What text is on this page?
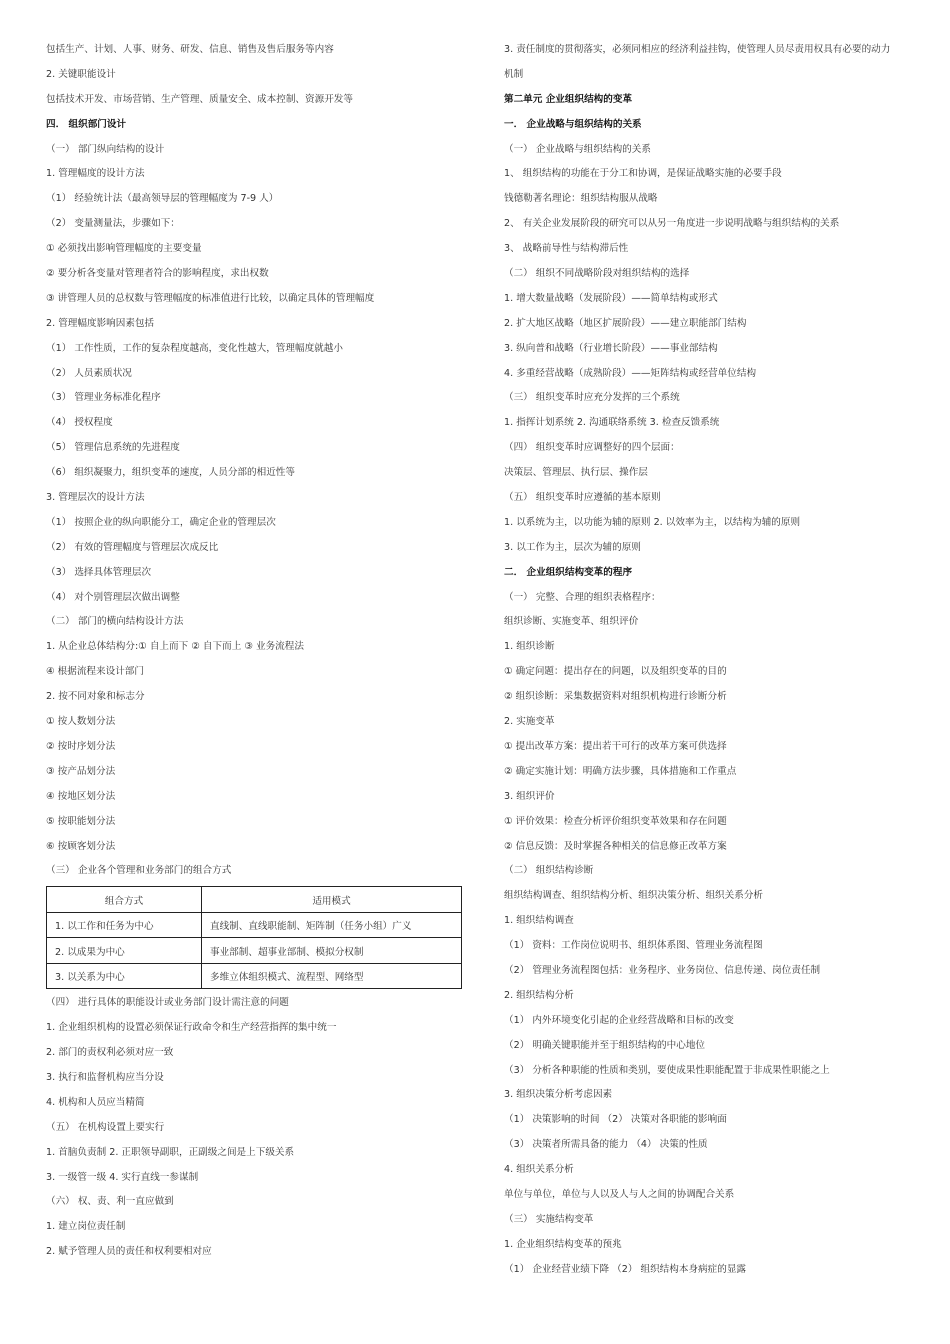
包括生产、计划、人事、财务、研发、信息、销售及售后服务等内容
2. 关键职能设计
包括技术开发、市场营销、生产管理、质量安全、成本控制、资源开发等
四． 组织部门设计
（一） 部门纵向结构的设计
1. 管理幅度的设计方法
（1） 经验统计法（最高领导层的管理幅度为 7-9 人）
（2） 变量测量法，步骤如下：
① 必须找出影响管理幅度的主要变量
② 要分析各变量对管理者符合的影响程度，求出权数
③ 讲管理人员的总权数与管理幅度的标准值进行比较，以确定具体的管理幅度
2. 管理幅度影响因素包括
（1） 工作性质，工作的复杂程度越高，变化性越大，管理幅度就越小
（2） 人员素质状况
（3） 管理业务标准化程序
（4） 授权程度
（5） 管理信息系统的先进程度
（6） 组织凝聚力，组织变革的速度，人员分部的相近性等
3. 管理层次的设计方法
（1） 按照企业的纵向职能分工，确定企业的管理层次
（2） 有效的管理幅度与管理层次成反比
（3） 选择具体管理层次
（4） 对个别管理层次做出调整
（二） 部门的横向结构设计方法
1. 从企业总体结构分:① 自上而下 ② 自下而上 ③ 业务流程法
④ 根据流程来设计部门
2. 按不同对象和标志分
① 按人数划分法
② 按时序划分法
③ 按产品划分法
④ 按地区划分法
⑤ 按职能划分法
⑥ 按顾客划分法
（三） 企业各个管理和业务部门的组合方式
组合方式	适用模式
1. 以工作和任务为中心	直线制、直线职能制、矩阵制（任务小组）广义
2. 以成果为中心	事业部制、超事业部制、模拟分权制
3. 以关系为中心	多维立体组织模式、流程型、网络型
（四） 进行具体的职能设计或业务部门设计需注意的问题
1. 企业组织机构的设置必须保证行政命令和生产经营指挥的集中统一
2. 部门的责权利必须对应一致
3. 执行和监督机构应当分设
4. 机构和人员应当精简
（五） 在机构设置上要实行
1. 首脑负责制 2. 正职领导副职，正副级之间是上下级关系
3. 一级管一级 4. 实行直线一参谋制
（六） 权、责、利一直应做到
1. 建立岗位责任制
2. 赋予管理人员的责任和权利要相对应
3. 责任制度的贯彻落实，必须同相应的经济利益挂钩，使管理人员尽责用权具有必要的动力
机制
第二单元 企业组织结构的变革
一． 企业战略与组织结构的关系
（一） 企业战略与组织结构的关系
1、 组织结构的功能在于分工和协调，是保证战略实施的必要手段
钱德勒著名理论：组织结构服从战略
2、 有关企业发展阶段的研究可以从另一角度进一步说明战略与组织结构的关系
3、 战略前导性与结构滞后性
（二） 组织不同战略阶段对组织结构的选择
1. 增大数量战略（发展阶段）——简单结构或形式
2. 扩大地区战略（地区扩展阶段）——建立职能部门结构
3. 纵向普和战略（行业增长阶段）——事业部结构
4. 多重经营战略（成熟阶段）——矩阵结构或经营单位结构
（三） 组织变革时应充分发挥的三个系统
1. 指挥计划系统 2. 沟通联络系统 3. 检查反馈系统
（四） 组织变革时应调整好的四个层面：
决策层、管理层、执行层、操作层
（五） 组织变革时应遵循的基本原则
1. 以系统为主，以功能为辅的原则 2. 以效率为主，以结构为辅的原则
3. 以工作为主，层次为辅的原则
二． 企业组织结构变革的程序
（一） 完整、合理的组织表格程序：
组织诊断、实施变革、组织评价
1. 组织诊断
① 确定问题：提出存在的问题，以及组织变革的目的
② 组织诊断：采集数据资料对组织机构进行诊断分析
2. 实施变革
① 提出改革方案：提出若干可行的改革方案可供选择
② 确定实施计划：明确方法步骤，具体措施和工作重点
3. 组织评价
① 评价效果：检查分析评价组织变革效果和存在问题
② 信息反馈：及时掌握各种相关的信息修正改革方案
（二） 组织结构诊断
组织结构调查、组织结构分析、组织决策分析、组织关系分析
1. 组织结构调查
（1） 资料：工作岗位说明书、组织体系图、管理业务流程图
（2） 管理业务流程图包括：业务程序、业务岗位、信息传递、岗位责任制
2. 组织结构分析
（1） 内外环境变化引起的企业经营战略和目标的改变
（2） 明确关键职能并至于组织结构的中心地位
（3） 分析各种职能的性质和类别，要使成果性职能配置于非成果性职能之上
3. 组织决策分析考虑因素
（1） 决策影响的时间 （2） 决策对各职能的影响面
（3） 决策者所需具备的能力 （4） 决策的性质
4. 组织关系分析
单位与单位，单位与人以及人与人之间的协调配合关系
（三） 实施结构变革
1. 企业组织结构变革的预兆
（1） 企业经营业绩下降 （2） 组织结构本身病症的显露
